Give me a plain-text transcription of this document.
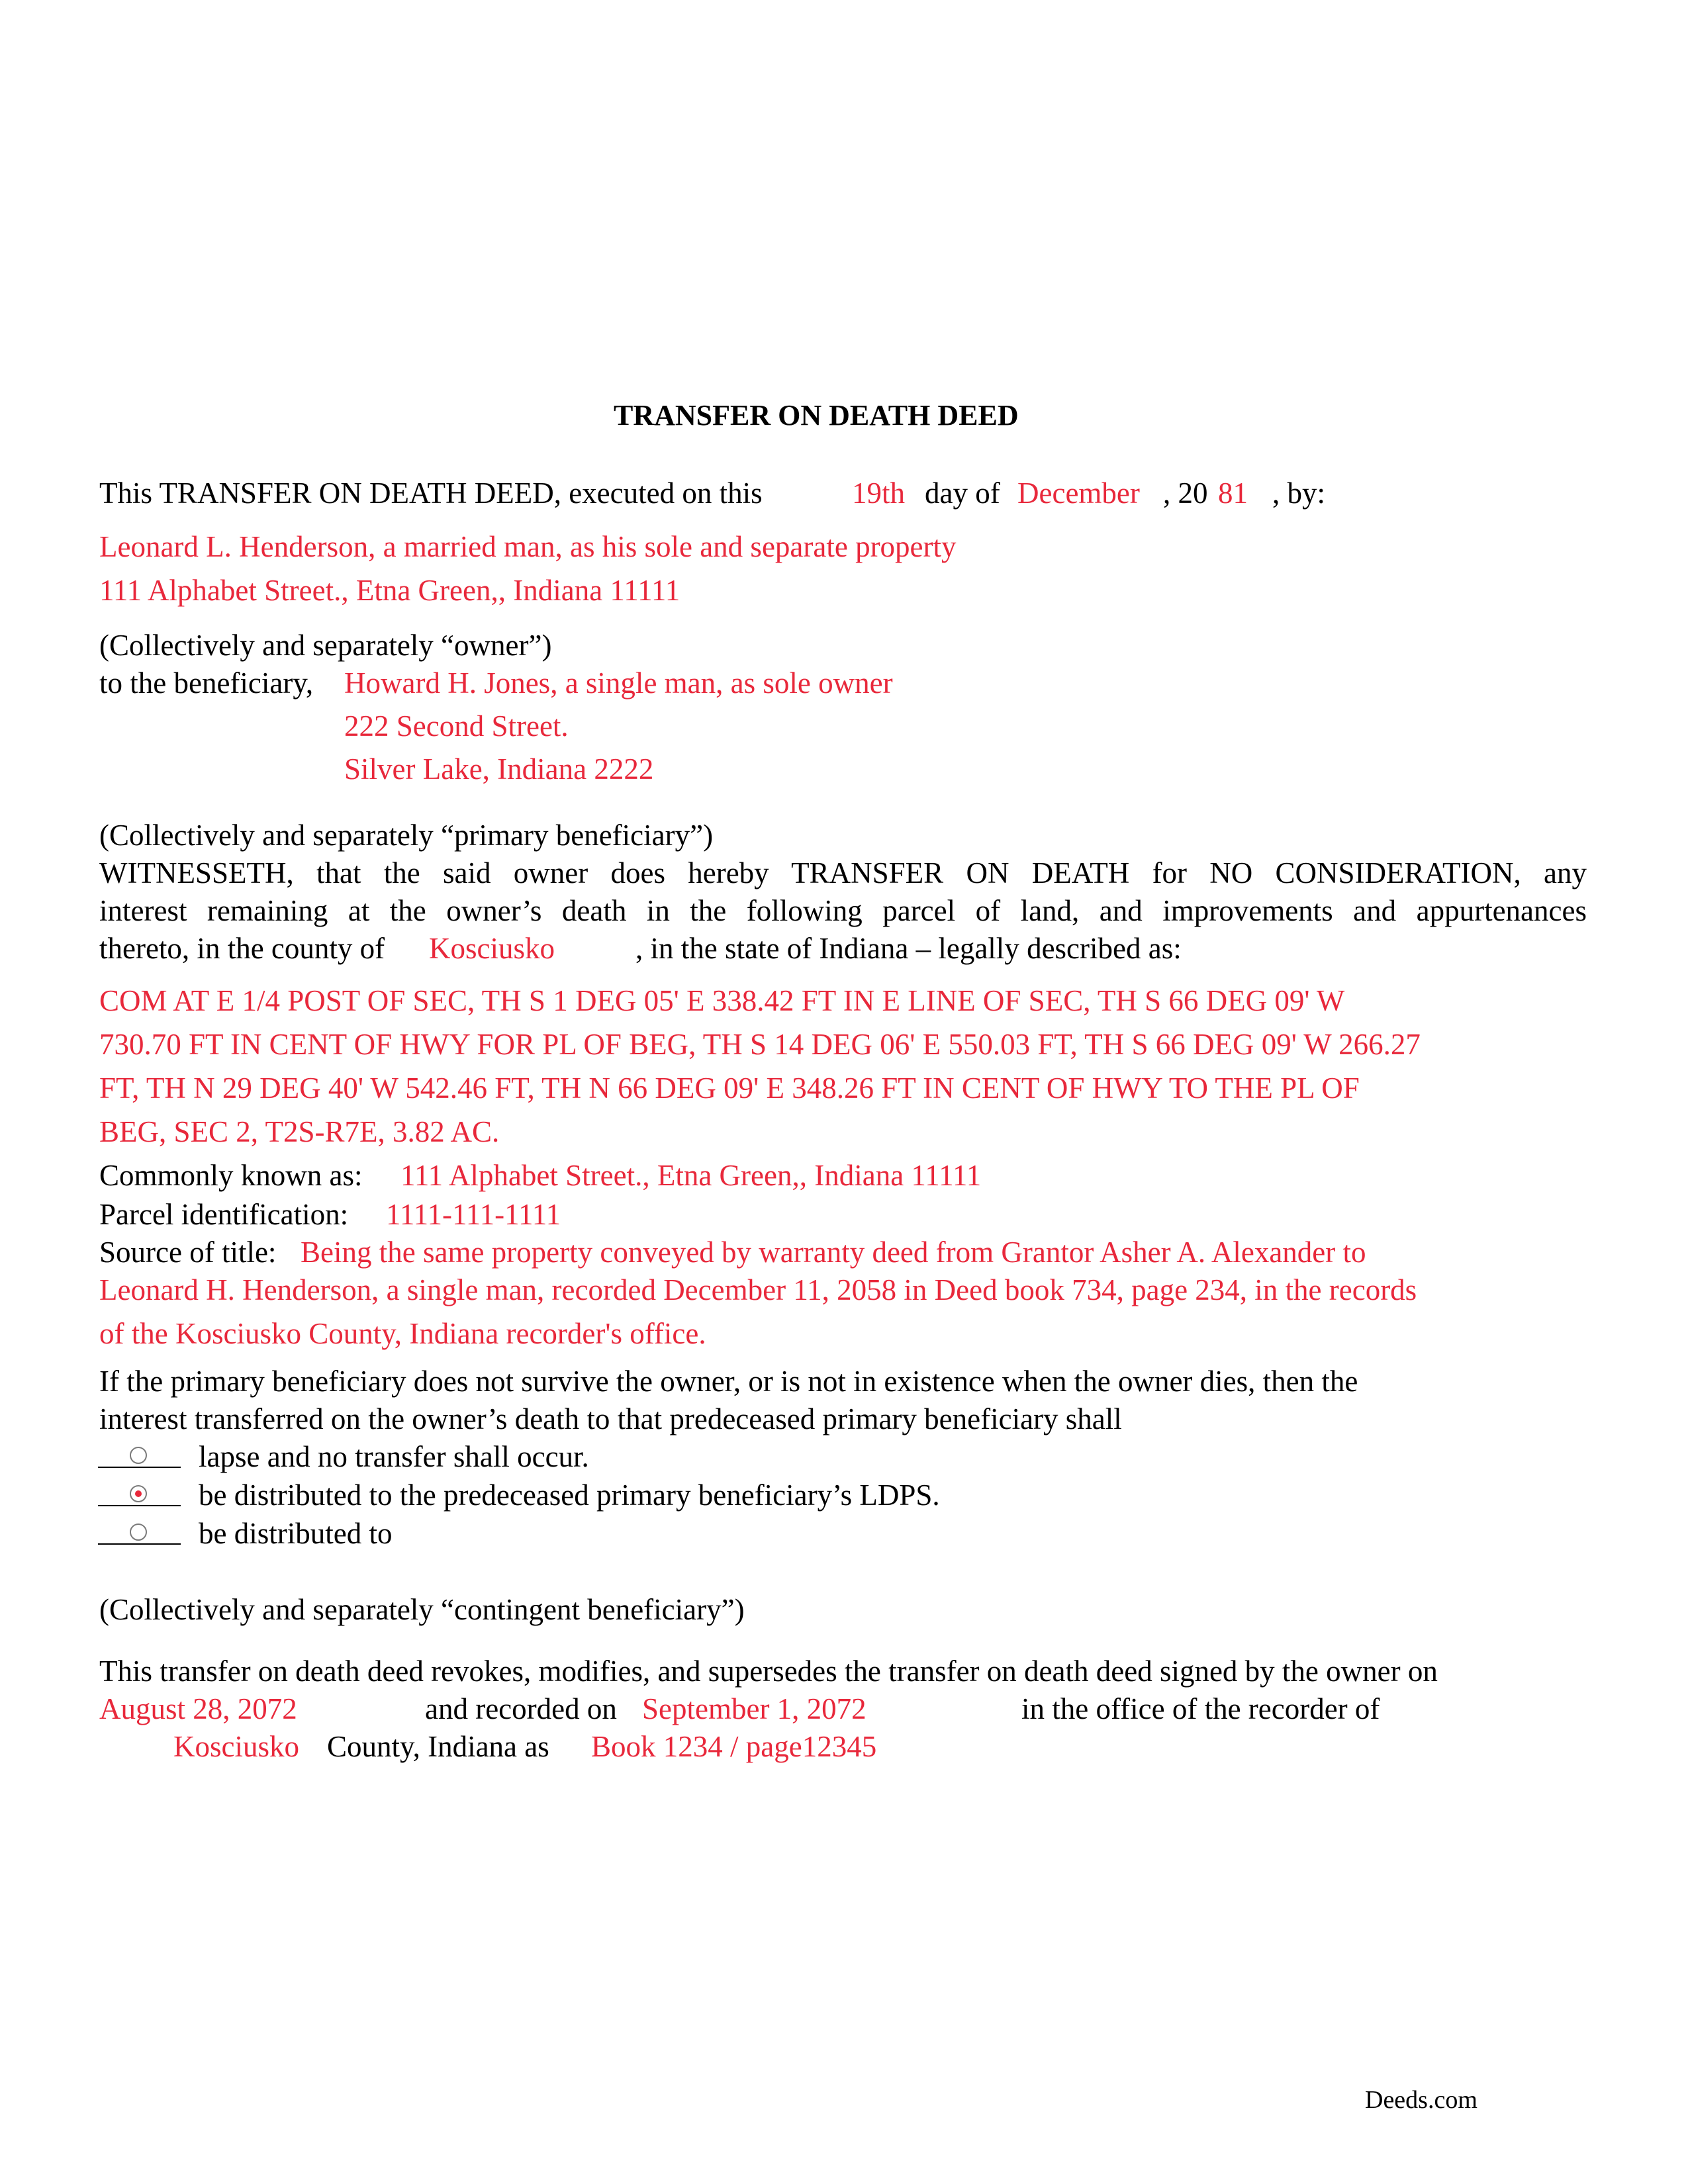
TRANSFER ON DEATH DEED
This TRANSFER ON DEATH DEED, executed on this	19th day of December , 20 81 , by:
Leonard L. Henderson, a married man, as his sole and separate property
111 Alphabet Street., Etna Green,, Indiana 11111
(Collectively and separately “owner”)
to the beneficiary, Howard H. Jones, a single man, as sole owner
222 Second Street.
Silver Lake, Indiana 2222
(Collectively and separately “primary beneficiary”)
WITNESSETH, that the said owner does hereby TRANSFER ON DEATH for NO CONSIDERATION, any
interest remaining at the owner’s death in the following parcel of land, and improvements and appurtenances
thereto, in the county of Kosciusko	, in the state of Indiana – legally described as:
COM AT E 1/4 POST OF SEC, TH S 1 DEG 05' E 338.42 FT IN E LINE OF SEC, TH S 66 DEG 09' W
730.70 FT IN CENT OF HWY FOR PL OF BEG, TH S 14 DEG 06' E 550.03 FT, TH S 66 DEG 09' W 266.27
FT, TH N 29 DEG 40' W 542.46 FT, TH N 66 DEG 09' E 348.26 FT IN CENT OF HWY TO THE PL OF
BEG, SEC 2, T2S-R7E, 3.82 AC.
Commonly known as: 111 Alphabet Street., Etna Green,, Indiana 11111
Parcel identification: 1111-111-1111
Source of title: Being the same property conveyed by warranty deed from Grantor Asher A. Alexander to
Leonard H. Henderson, a single man, recorded December 11, 2058 in Deed book 734, page 234, in the records
of the Kosciusko County, Indiana recorder's office.
If the primary beneficiary does not survive the owner, or is not in existence when the owner dies, then the
interest transferred on the owner’s death to that predeceased primary beneficiary shall
lapse and no transfer shall occur.
be distributed to the predeceased primary beneficiary’s LDPS.
be distributed to
(Collectively and separately “contingent beneficiary”)
This transfer on death deed revokes, modifies, and supersedes the transfer on death deed signed by the owner on
August 28, 2072	and recorded on September 1, 2072	in the office of the recorder of
Kosciusko County, Indiana as Book 1234 / page12345
Deeds.com
